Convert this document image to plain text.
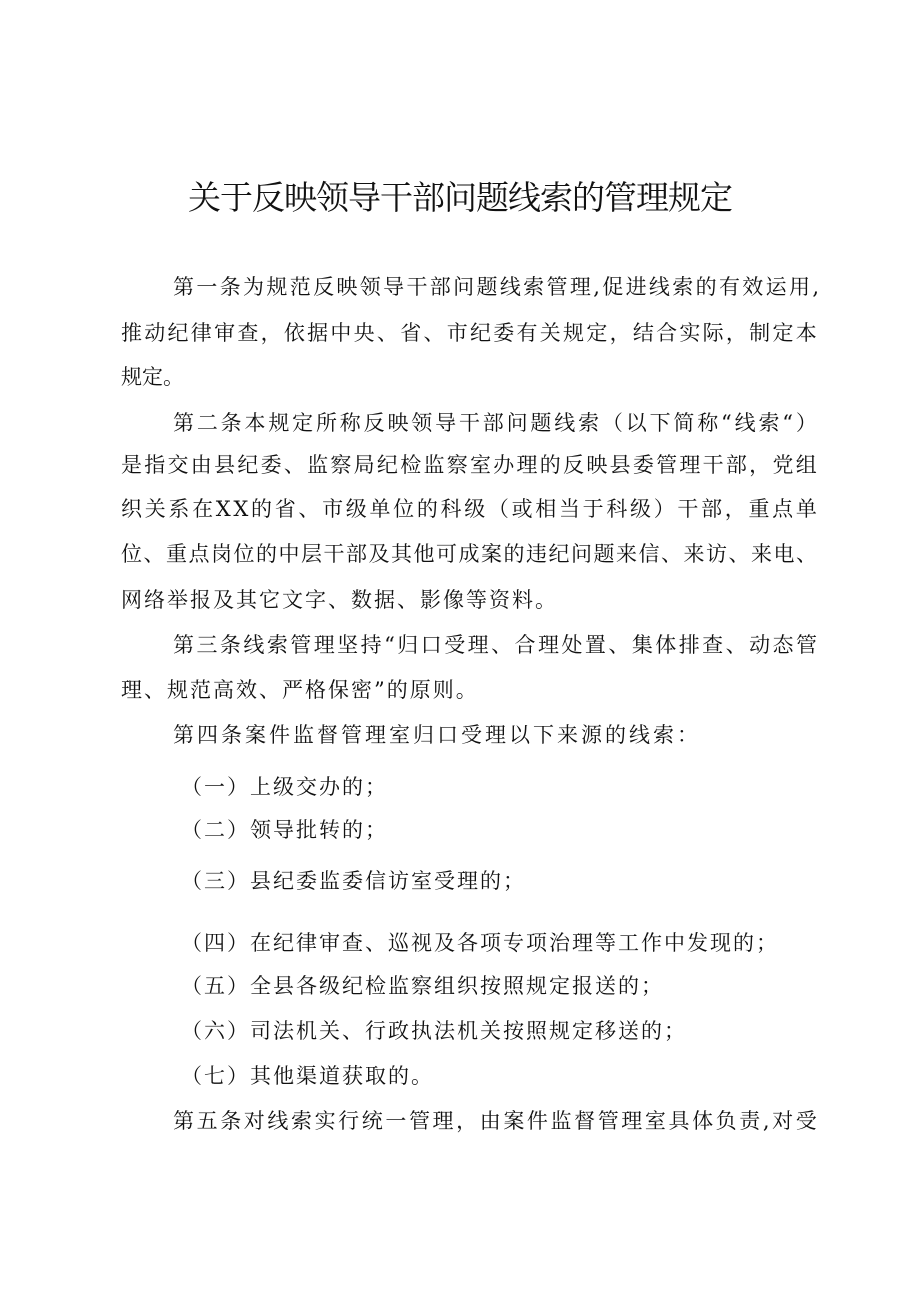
关于反映领导干部问题线索的管理规定
第 一 条 为 规 范 反 映 领 导 干 部 问 题 线 索 管 理 , 促 进 线 索 的 有 效 运 用 ,
推 动 纪 律 审 查 ， 依 据 中 央 、 省 、 市 纪 委 有 关 规 定 ， 结 合 实 际 ， 制 定 本
规定。
第 二 条 本 规 定 所 称 反 映 领 导 干 部 问 题 线 索 （ 以 下 简 称 “ 线 索 “ ）
是 指 交 由 县 纪 委 、 监 察 局 纪 检 监 察 室 办 理 的 反 映 县 委 管 理 干 部 ， 党 组
织 关 系 在 X X 的 省 、 市 级 单 位 的 科 级 （ 或 相 当 于 科 级 ） 干 部 ， 重 点 单
位 、 重 点 岗 位 的 中 层 干 部 及 其 他 可 成 案 的 违 纪 问 题 来 信 、 来 访 、 来 电 、
网络举报及其它文字、数据、影像等资料。
第 三 条 线 索 管 理 坚 持 “ 归 口 受 理 、 合 理 处 置 、 集 体 排 查 、 动 态 管
理、规范高效、严格保密”的原则。
第四条案件监督管理室归口受理以下来源的线索：
（一）上级交办的；
（二）领导批转的；
（三）县纪委监委信访室受理的；
（四）在纪律审查、巡视及各项专项治理等工作中发现的；
（五）全县各级纪检监察组织按照规定报送的；
（六）司法机关、行政执法机关按照规定移送的；
（七）其他渠道获取的。
第 五 条 对 线 索 实 行 统 一 管 理 ， 由 案 件 监 督 管 理 室 具 体 负 责 , 对 受
